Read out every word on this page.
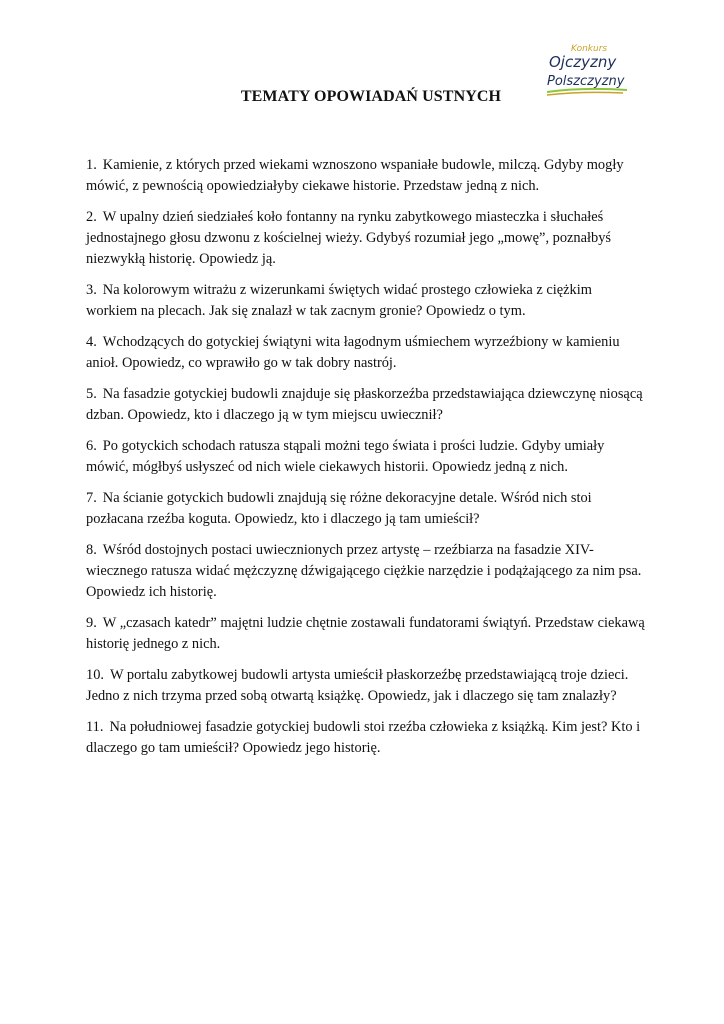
Konkurs
Ojczyzny
Polszczyzny
TEMATY OPOWIADAŃ USTNYCH
1. Kamienie, z których przed wiekami wznoszono wspaniałe budowle, milczą. Gdyby mogły mówić, z pewnością opowiedziałyby ciekawe historie. Przedstaw jedną z nich.
2. W upalny dzień siedziałeś koło fontanny na rynku zabytkowego miasteczka i słuchałeś jednostajnego głosu dzwonu z kościelnej wieży. Gdybyś rozumiał jego „mowę”, poznałbyś niezwykłą historię. Opowiedz ją.
3. Na kolorowym witrażu z wizerunkami świętych widać prostego człowieka z ciężkim workiem na plecach. Jak się znalazł w tak zacnym gronie? Opowiedz o tym.
4. Wchodzących do gotyckiej świątyni wita łagodnym uśmiechem wyrzeźbiony w kamieniu anioł. Opowiedz, co wprawiło go w tak dobry nastrój.
5. Na fasadzie gotyckiej budowli znajduje się płaskorzeźba przedstawiająca dziewczynę niosącą dzban. Opowiedz, kto i dlaczego ją w tym miejscu uwiecznił?
6. Po gotyckich schodach ratusza stąpali możni tego świata i prości ludzie. Gdyby umiały mówić, mógłbyś usłyszeć od nich wiele ciekawych historii. Opowiedz jedną z nich.
7. Na ścianie gotyckich budowli znajdują się różne dekoracyjne detale. Wśród nich stoi pozłacana rzeźba koguta. Opowiedz, kto i dlaczego ją tam umieścił?
8. Wśród dostojnych postaci uwiecznionych przez artystę – rzeźbiarza na fasadzie XIV-wiecznego ratusza widać mężczyznę dźwigającego ciężkie narzędzie i podążającego za nim psa. Opowiedz ich historię.
9. W „czasach katedr” majętni ludzie chętnie zostawali fundatorami świątyń. Przedstaw ciekawą historię jednego z nich.
10. W portalu zabytkowej budowli artysta umieścił płaskorzeźbę przedstawiającą troje dzieci. Jedno z nich trzyma przed sobą otwartą książkę. Opowiedz, jak i dlaczego się tam znalazły?
11. Na południowej fasadzie gotyckiej budowli stoi rzeźba człowieka z książką. Kim jest? Kto i dlaczego go tam umieścił? Opowiedz jego historię.
